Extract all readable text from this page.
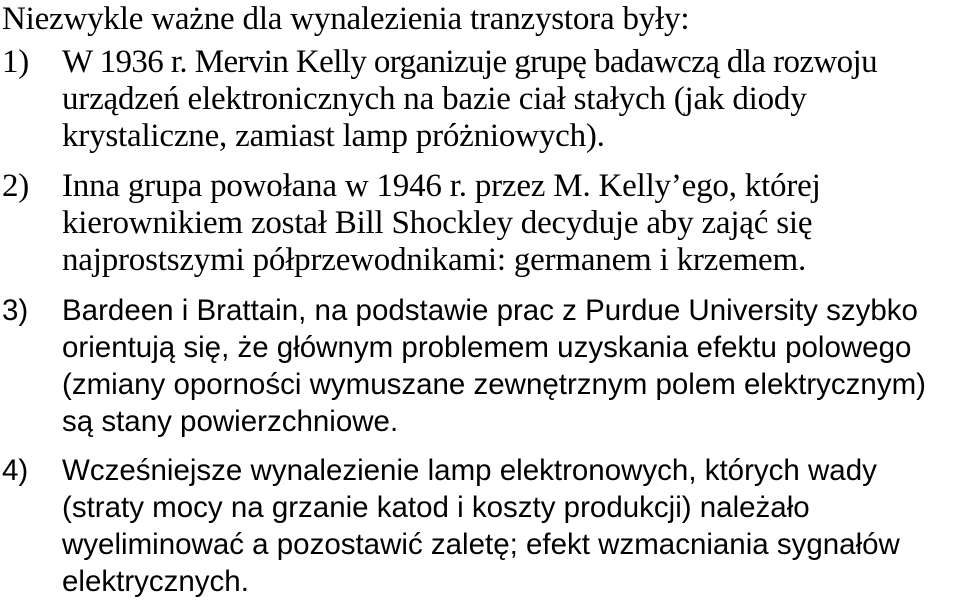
Niezwykle ważne dla wynalezienia tranzystora były:
1) W 1936 r. Mervin Kelly organizuje grupę badawczą dla rozwoju
urządzeń elektronicznych na bazie ciał stałych (jak diody
krystaliczne, zamiast lamp próżniowych).
2) Inna grupa powołana w 1946 r. przez M. Kelly’ego, której
kierownikiem został Bill Shockley decyduje aby zająć się
najprostszymi półprzewodnikami: germanem i krzemem.
3) Bardeen i Brattain, na podstawie prac z Purdue University szybko
orientują się, że głównym problemem uzyskania efektu polowego
(zmiany oporności wymuszane zewnętrznym polem elektrycznym)
są stany powierzchniowe.
4) Wcześniejsze wynalezienie lamp elektronowych, których wady
(straty mocy na grzanie katod i koszty produkcji) należało
wyeliminować a pozostawić zaletę; efekt wzmacniania sygnałów
elektrycznych.
